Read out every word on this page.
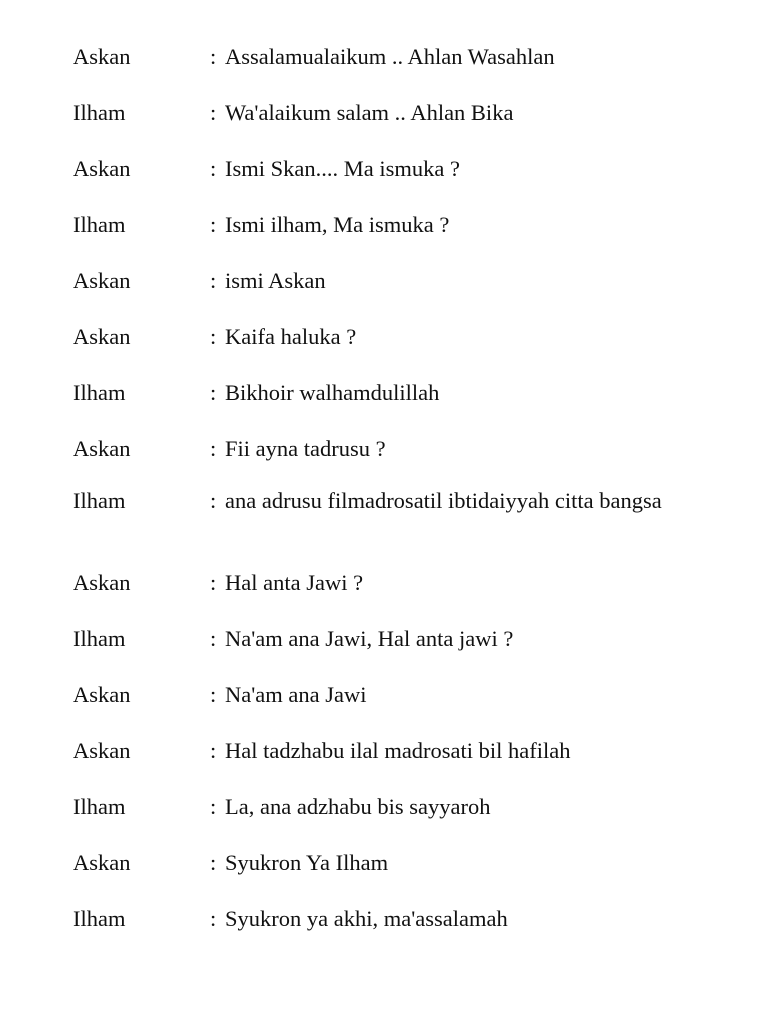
Askan	: Assalamualaikum .. Ahlan Wasahlan
Ilham	: Wa'alaikum salam .. Ahlan Bika
Askan	: Ismi Skan.... Ma ismuka ?
Ilham	: Ismi ilham, Ma ismuka ?
Askan	: ismi Askan
Askan	: Kaifa haluka ?
Ilham	: Bikhoir walhamdulillah
Askan	: Fii ayna tadrusu ?
Ilham	: ana adrusu filmadrosatil ibtidaiyyah citta bangsa
Askan	: Hal anta Jawi ?
Ilham	: Na'am ana Jawi, Hal anta jawi ?
Askan	: Na'am ana Jawi
Askan	: Hal tadzhabu ilal madrosati bil hafilah
Ilham	: La, ana adzhabu bis sayyaroh
Askan	: Syukron Ya Ilham
Ilham	: Syukron ya akhi, ma'assalamah
